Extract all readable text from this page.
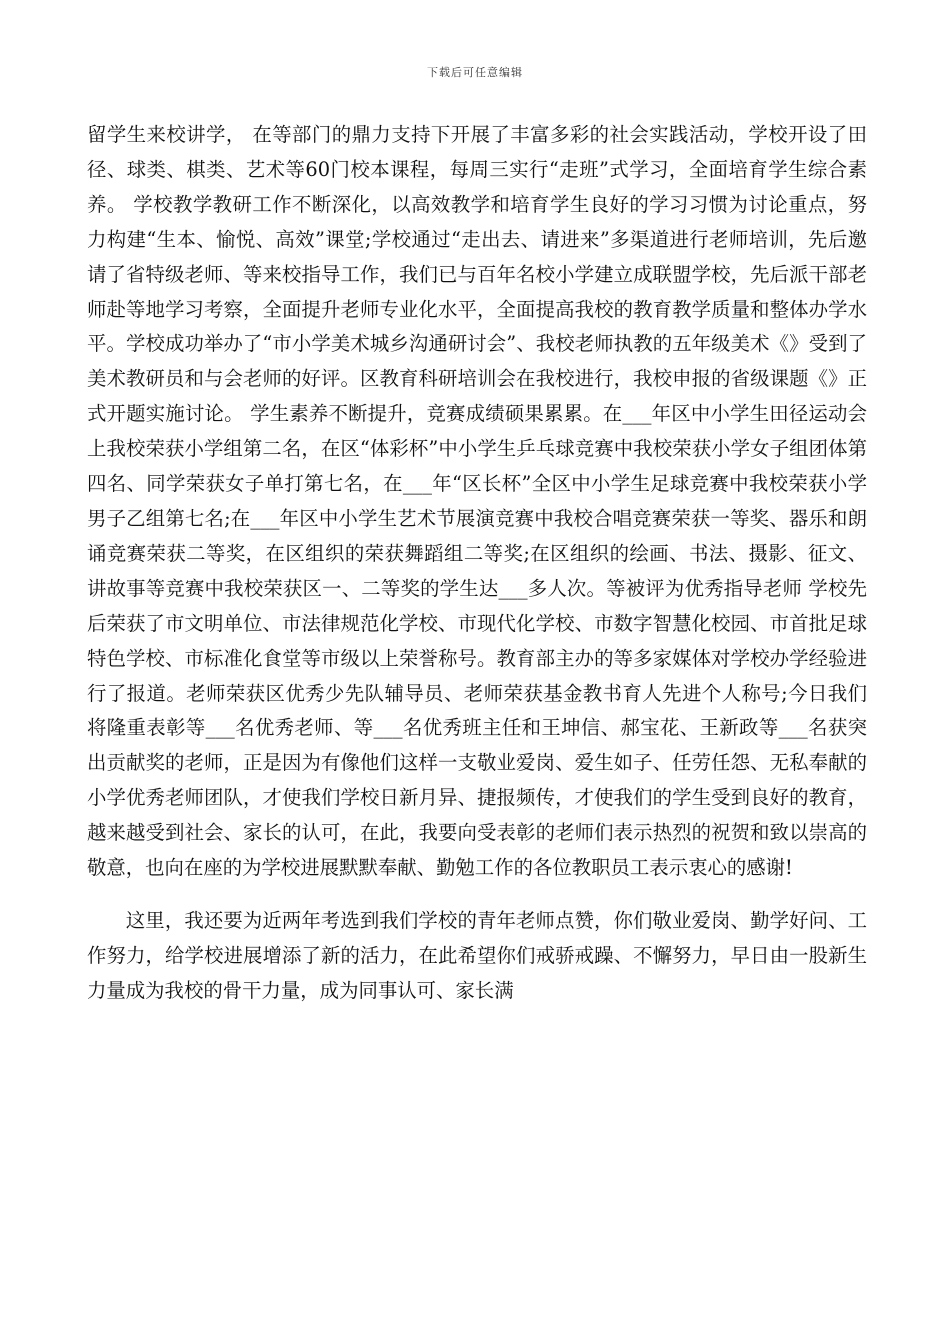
下载后可任意编辑

留学生来校讲学， 在等部门的鼎力支持下开展了丰富多彩的社会实践活动，学校开设了田径、球类、棋类、艺术等60门校本课程，每周三实行“走班”式学习，全面培育学生综合素养。 学校教学教研工作不断深化，以高效教学和培育学生良好的学习习惯为讨论重点，努力构建“生本、愉悦、高效”课堂;学校通过“走出去、请进来”多渠道进行老师培训，先后邀请了省特级老师、等来校指导工作，我们已与百年名校小学建立成联盟学校，先后派干部老师赴等地学习考察，全面提升老师专业化水平，全面提高我校的教育教学质量和整体办学水平。学校成功举办了“市小学美术城乡沟通研讨会”、我校老师执教的五年级美术《》受到了美术教研员和与会老师的好评。区教育科研培训会在我校进行，我校申报的省级课题《》正式开题实施讨论。 学生素养不断提升，竞赛成绩硕果累累。在___年区中小学生田径运动会上我校荣获小学组第二名，在区“体彩杯”中小学生乒乓球竞赛中我校荣获小学女子组团体第四名、同学荣获女子单打第七名，在___年“区长杯”全区中小学生足球竞赛中我校荣获小学男子乙组第七名;在___年区中小学生艺术节展演竞赛中我校合唱竞赛荣获一等奖、器乐和朗诵竞赛荣获二等奖，在区组织的荣获舞蹈组二等奖;在区组织的绘画、书法、摄影、征文、讲故事等竞赛中我校荣获区一、二等奖的学生达___多人次。等被评为优秀指导老师 学校先后荣获了市文明单位、市法律规范化学校、市现代化学校、市数字智慧化校园、市首批足球特色学校、市标准化食堂等市级以上荣誉称号。教育部主办的等多家媒体对学校办学经验进行了报道。老师荣获区优秀少先队辅导员、老师荣获基金教书育人先进个人称号;今日我们将隆重表彰等___名优秀老师、等___名优秀班主任和王坤信、郝宝花、王新政等___名获突出贡献奖的老师，正是因为有像他们这样一支敬业爱岗、爱生如子、任劳任怨、无私奉献的小学优秀老师团队，才使我们学校日新月异、捷报频传，才使我们的学生受到良好的教育，越来越受到社会、家长的认可，在此，我要向受表彰的老师们表示热烈的祝贺和致以崇高的敬意，也向在座的为学校进展默默奉献、勤勉工作的各位教职员工表示衷心的感谢!

这里，我还要为近两年考选到我们学校的青年老师点赞，你们敬业爱岗、勤学好问、工作努力，给学校进展增添了新的活力，在此希望你们戒骄戒躁、不懈努力，早日由一股新生力量成为我校的骨干力量，成为同事认可、家长满
